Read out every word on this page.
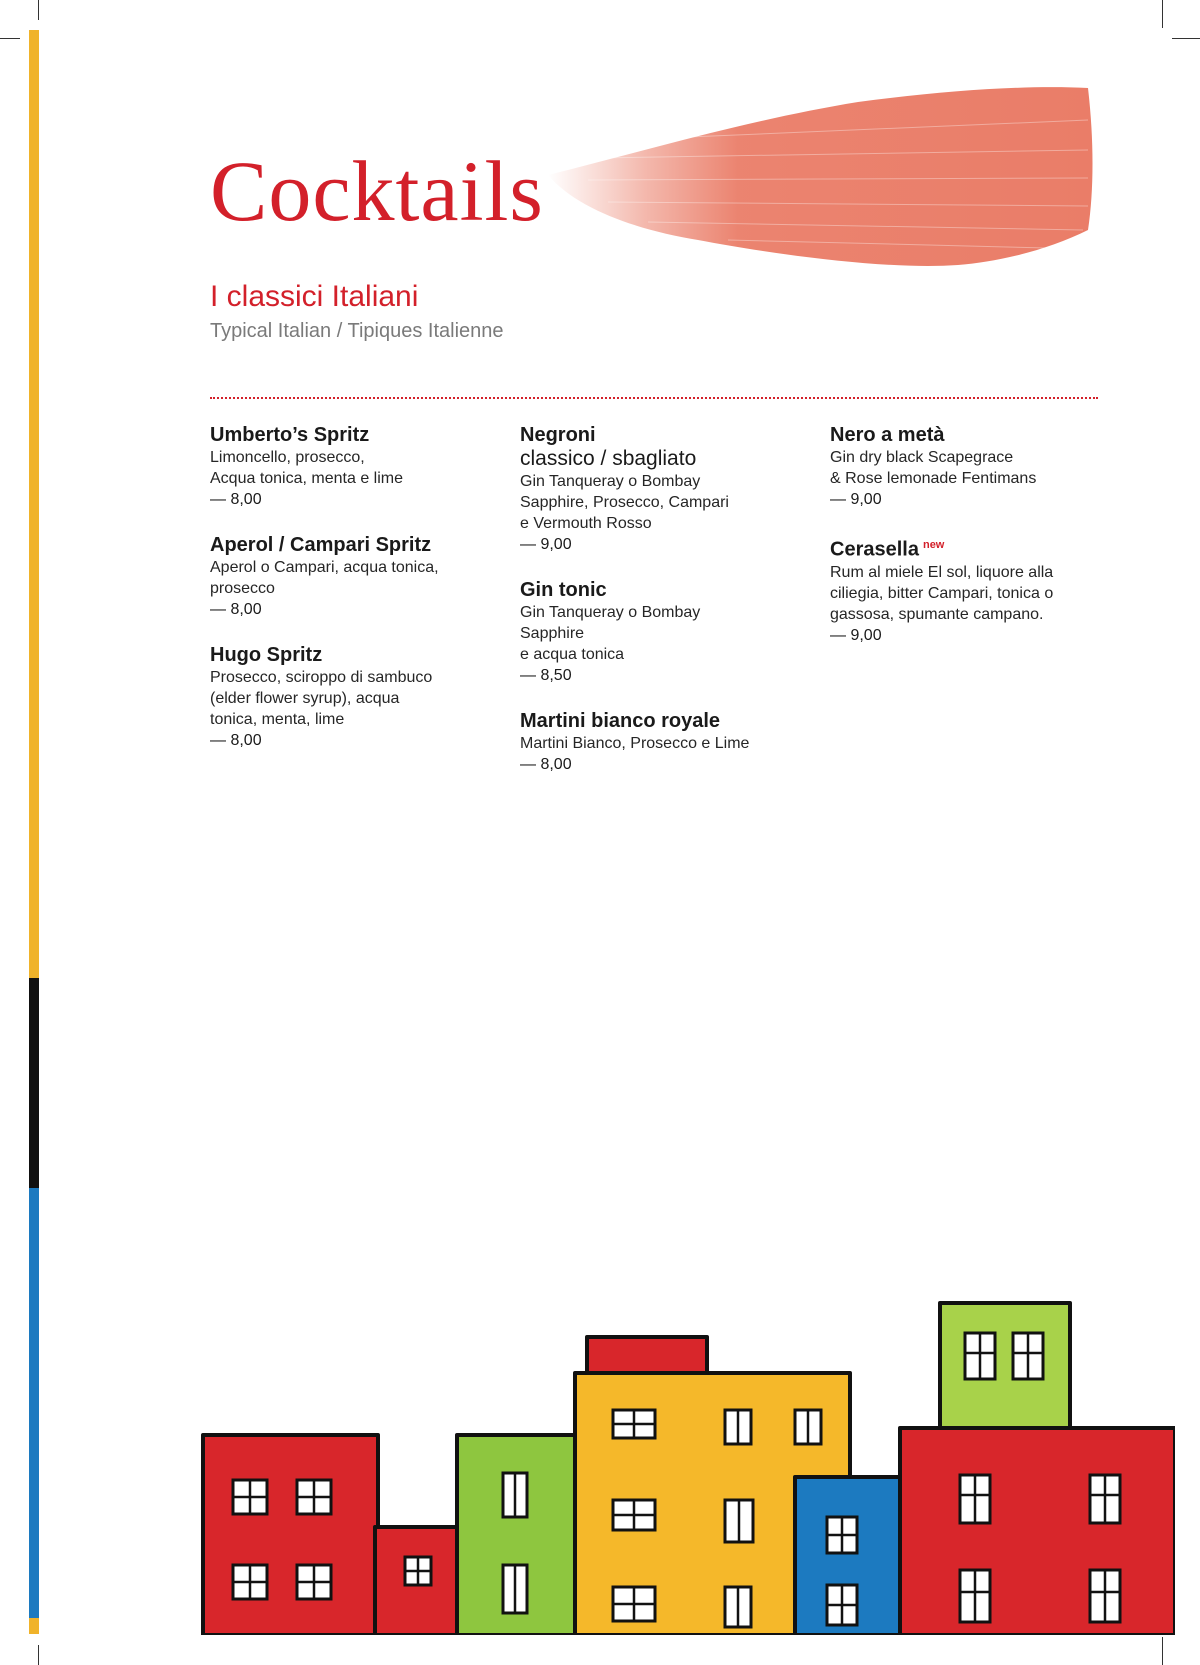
Cocktails
I classici Italiani
Typical Italian / Tipiques Italienne
Umberto’s Spritz
Limoncello, prosecco,
Acqua tonica, menta e lime
— 8,00
Aperol / Campari Spritz
Aperol o Campari, acqua tonica,
prosecco
— 8,00
Hugo Spritz
Prosecco, sciroppo di sambuco
(elder flower syrup), acqua
tonica, menta, lime
— 8,00
Negroni
classico / sbagliato
Gin Tanqueray o Bombay
Sapphire, Prosecco, Campari
e Vermouth Rosso
— 9,00
Gin tonic
Gin Tanqueray o Bombay
Sapphire
e acqua tonica
— 8,50
Martini bianco royale
Martini Bianco, Prosecco e Lime
— 8,00
Nero a metà
Gin dry black Scapegrace
& Rose lemonade Fentimans
— 9,00
Cerasella $^{new}$
Rum al miele El sol, liquore alla
ciliegia, bitter Campari, tonica o
gassosa, spumante campano.
— 9,00
